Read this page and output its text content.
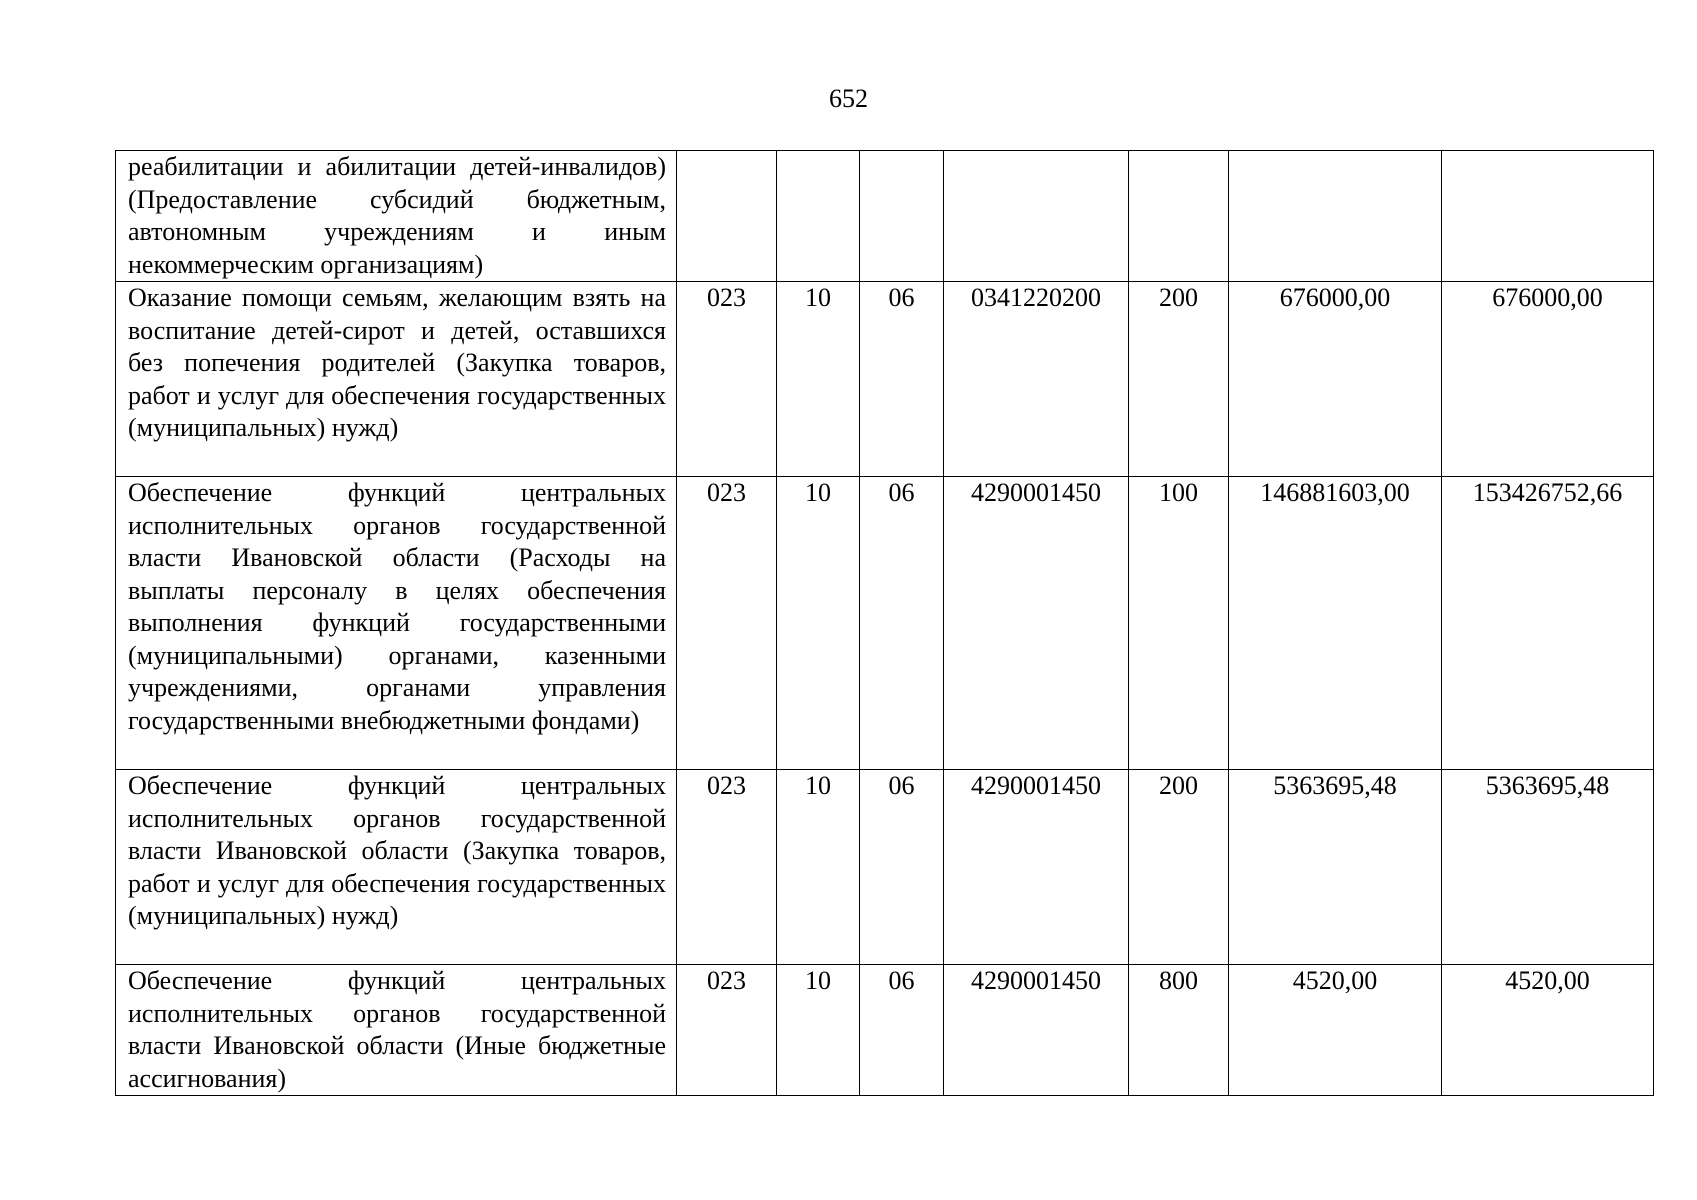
652
реабилитации и абилитации детей-инвалидов) (Предоставление субсидий бюджетным, автономным учреждениям и иным некоммерческим организациям)							
Оказание помощи семьям, желающим взять на воспитание детей-сирот и детей, оставшихся без попечения родителей (Закупка товаров, работ и услуг для обеспечения государственных (муниципальных) нужд)	023	10	06	0341220200	200	676000,00	676000,00
Обеспечение функций центральных исполнительных органов государственной власти Ивановской области (Расходы на выплаты персоналу в целях обеспечения выполнения функций государственными (муниципальными) органами, казенными учреждениями, органами управления государственными внебюджетными фондами)	023	10	06	4290001450	100	146881603,00	153426752,66
Обеспечение функций центральных исполнительных органов государственной власти Ивановской области (Закупка товаров, работ и услуг для обеспечения государственных (муниципальных) нужд)	023	10	06	4290001450	200	5363695,48	5363695,48
Обеспечение функций центральных исполнительных органов государственной власти Ивановской области (Иные бюджетные ассигнования)	023	10	06	4290001450	800	4520,00	4520,00
